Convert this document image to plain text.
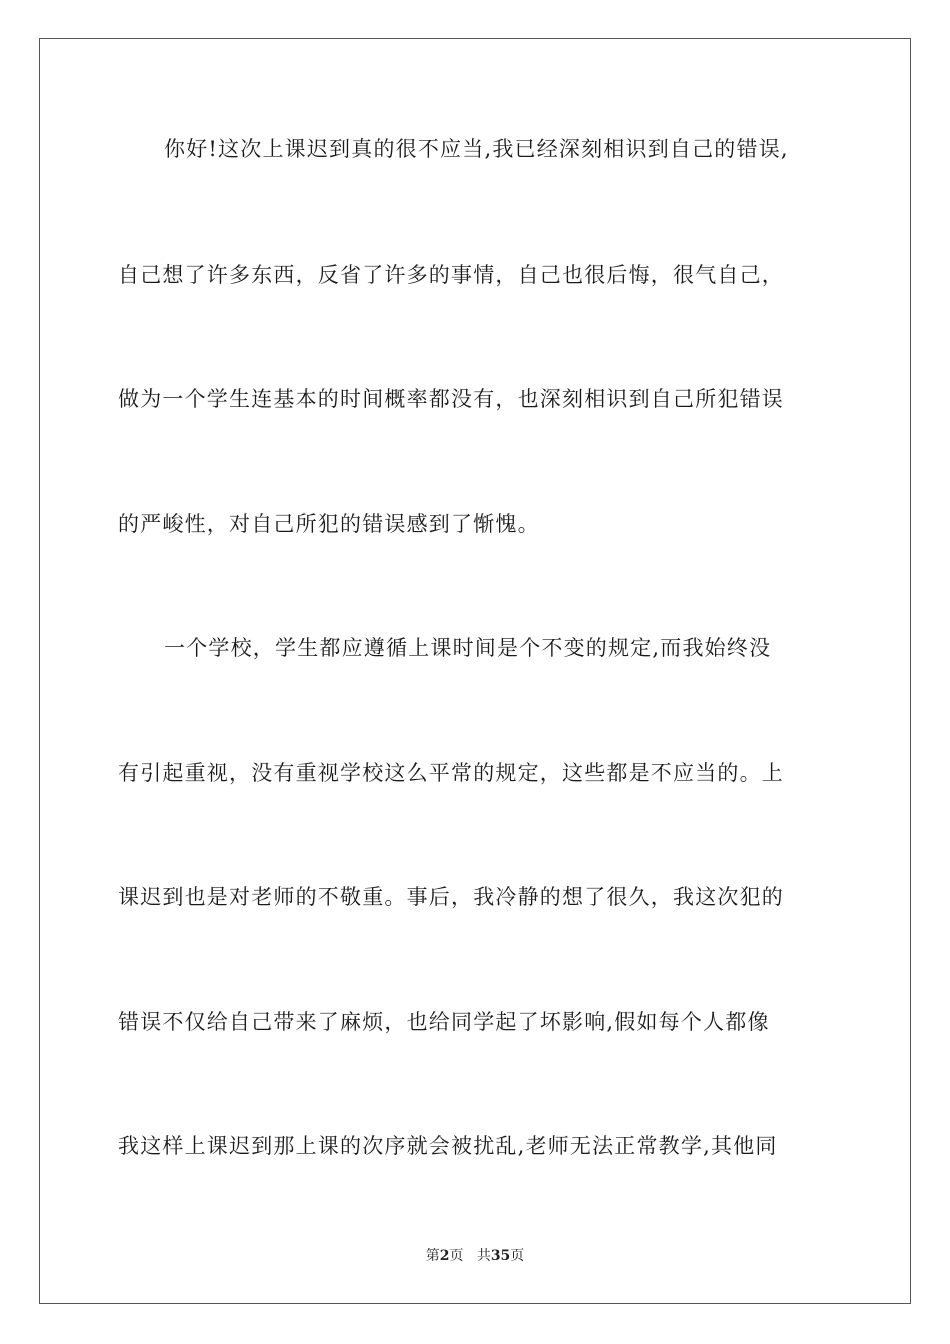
你好!这次上课迟到真的很不应当,我已经深刻相识到自己的错误,
自己想了许多东西，反省了许多的事情，自己也很后悔，很气自己，
做为一个学生连基本的时间概率都没有，也深刻相识到自己所犯错误
的严峻性，对自己所犯的错误感到了惭愧。
一个学校，学生都应遵循上课时间是个不变的规定,而我始终没
有引起重视，没有重视学校这么平常的规定，这些都是不应当的。上
课迟到也是对老师的不敬重。事后，我冷静的想了很久，我这次犯的
错误不仅给自己带来了麻烦，也给同学起了坏影响,假如每个人都像
我这样上课迟到那上课的次序就会被扰乱,老师无法正常教学,其他同
第2页 共35页
